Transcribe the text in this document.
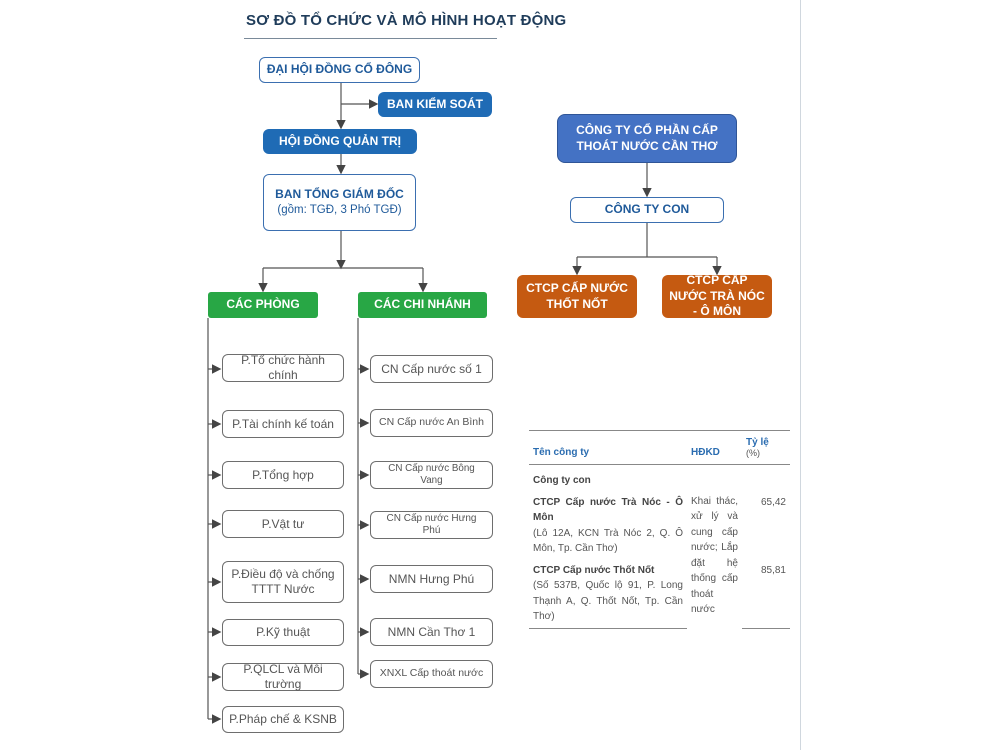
SƠ ĐỒ TỔ CHỨC VÀ MÔ HÌNH HOẠT ĐỘNG
ĐẠI HỘI ĐỒNG CỔ ĐÔNG
BAN KIỂM SOÁT
HỘI ĐỒNG QUẢN TRỊ
BAN TỔNG GIÁM ĐỐC
(gồm: TGĐ, 3 Phó TGĐ)
CÁC PHÒNG	CÁC CHI NHÁNH
P.Tổ chức hành chính
P.Tài chính kế toán
P.Tổng hợp
P.Vật tư
P.Điều độ và chống TTTT Nước
P.Kỹ thuật
P.QLCL và Môi trường
P.Pháp chế & KSNB
CN Cấp nước số 1
CN Cấp nước An Bình
CN Cấp nước Bông Vang
CN Cấp nước Hưng Phú
NMN Hưng Phú
NMN Cần Thơ 1
XNXL Cấp thoát nước
CÔNG TY CỔ PHẦN CẤP THOÁT NƯỚC CẦN THƠ
CÔNG TY CON
CTCP CẤP NƯỚC THỐT NỐT
CTCP CẤP NƯỚC TRÀ NÓC - Ô MÔN
Tên công ty	HĐKD	Tỷ lệ
(%)

Công ty con		

CTCP Cấp nước Trà Nóc - Ô Môn
(Lô 12A, KCN Trà Nóc 2, Q. Ô Môn, Tp. Cần Thơ)	Khai thác, xử lý và cung cấp nước; Lắp đặt hệ thống cấp thoát nước	65,42

CTCP Cấp nước Thốt Nốt
(Số 537B, Quốc lộ 91, P. Long Thạnh A, Q. Thốt Nốt, Tp. Cần Thơ)		85,81
